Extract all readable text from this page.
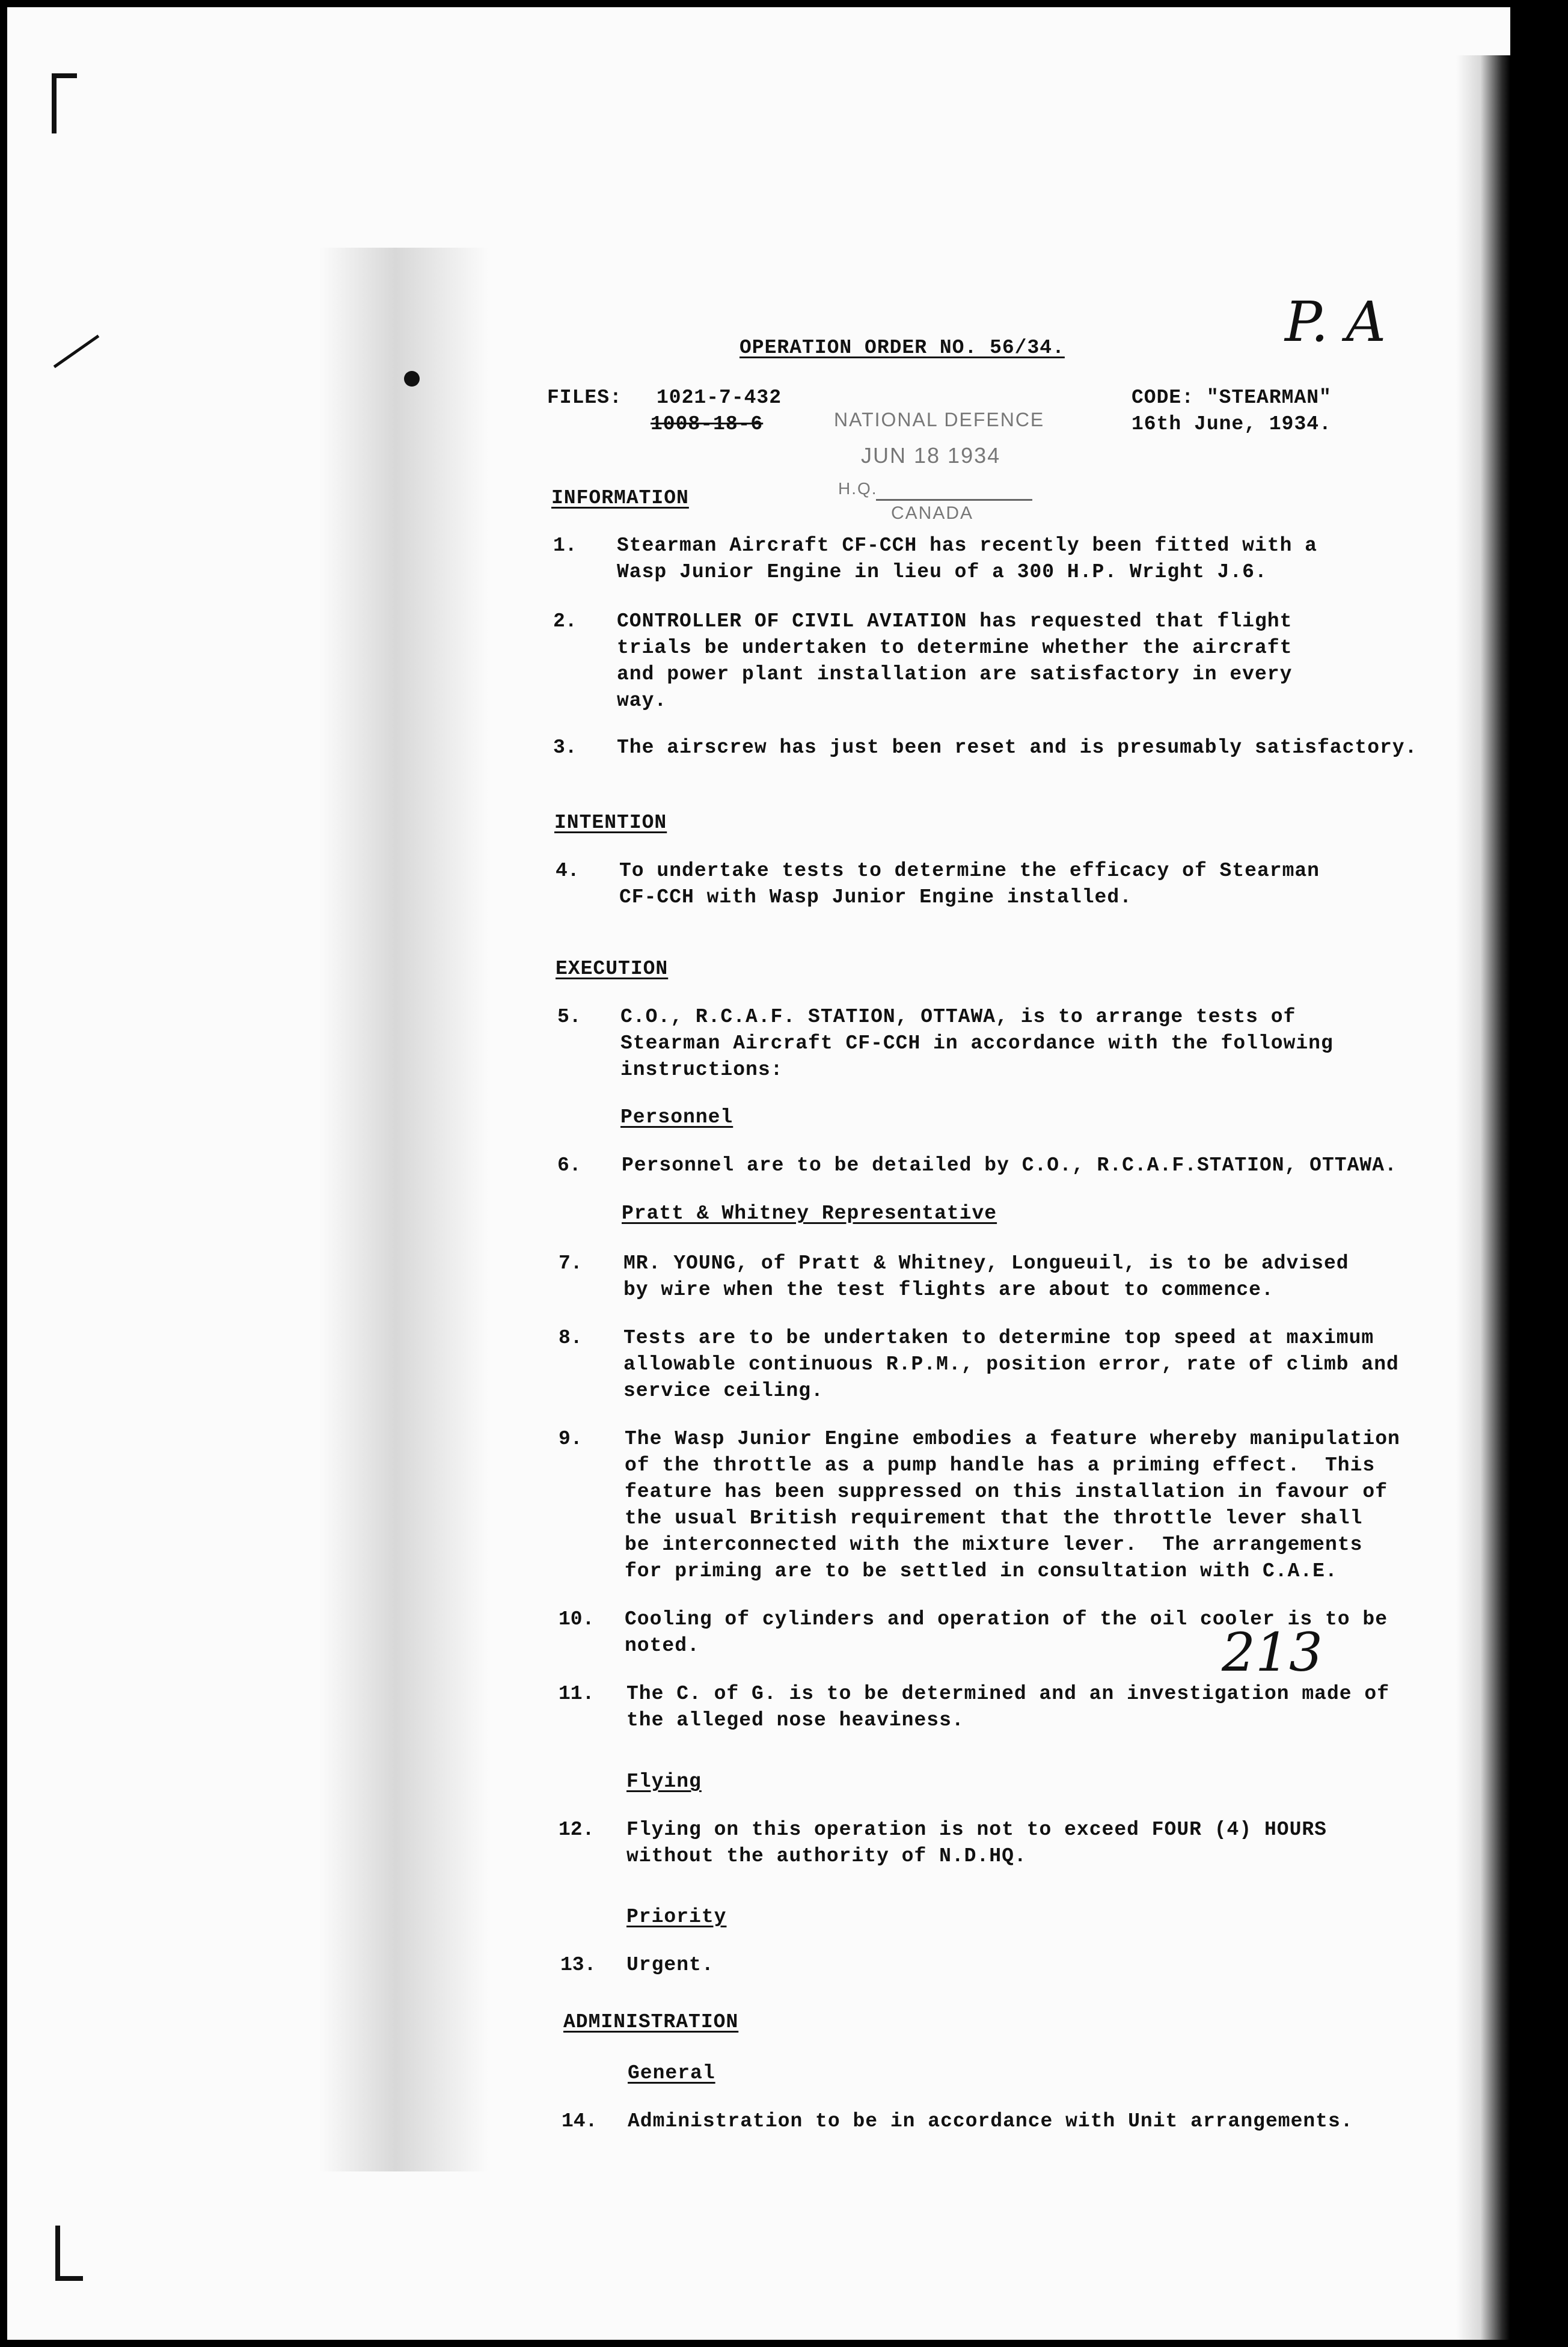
OPERATION ORDER NO. 56/34.

FILES: 1021-7-432

1008-18-6

CODE: "STEARMAN"

16th June, 1934.

NATIONAL DEFENCE
JUN 18 1934
H.Q.
CANADA
P. A
213

INFORMATION

1. Stearman Aircraft CF-CCH has recently been fitted with a

Wasp Junior Engine in lieu of a 300 H.P. Wright J.6.

2. CONTROLLER OF CIVIL AVIATION has requested that flight

trials be undertaken to determine whether the aircraft

and power plant installation are satisfactory in every

way.

3. The airscrew has just been reset and is presumably satisfactory.

INTENTION

4. To undertake tests to determine the efficacy of Stearman

CF-CCH with Wasp Junior Engine installed.

EXECUTION

5. C.O., R.C.A.F. STATION, OTTAWA, is to arrange tests of

Stearman Aircraft CF-CCH in accordance with the following

instructions:

Personnel

6. Personnel are to be detailed by C.O., R.C.A.F.STATION, OTTAWA.

Pratt & Whitney Representative

7. MR. YOUNG, of Pratt & Whitney, Longueuil, is to be advised

by wire when the test flights are about to commence.

8. Tests are to be undertaken to determine top speed at maximum

allowable continuous R.P.M., position error, rate of climb and

service ceiling.

9. The Wasp Junior Engine embodies a feature whereby manipulation

of the throttle as a pump handle has a priming effect.  This

feature has been suppressed on this installation in favour of

the usual British requirement that the throttle lever shall

be interconnected with the mixture lever.  The arrangements

for priming are to be settled in consultation with C.A.E.

10. Cooling of cylinders and operation of the oil cooler is to be

noted.

11. The C. of G. is to be determined and an investigation made of

the alleged nose heaviness.

Flying

12. Flying on this operation is not to exceed FOUR (4) HOURS

without the authority of N.D.HQ.

Priority

13. Urgent.

ADMINISTRATION

General

14. Administration to be in accordance with Unit arrangements.
